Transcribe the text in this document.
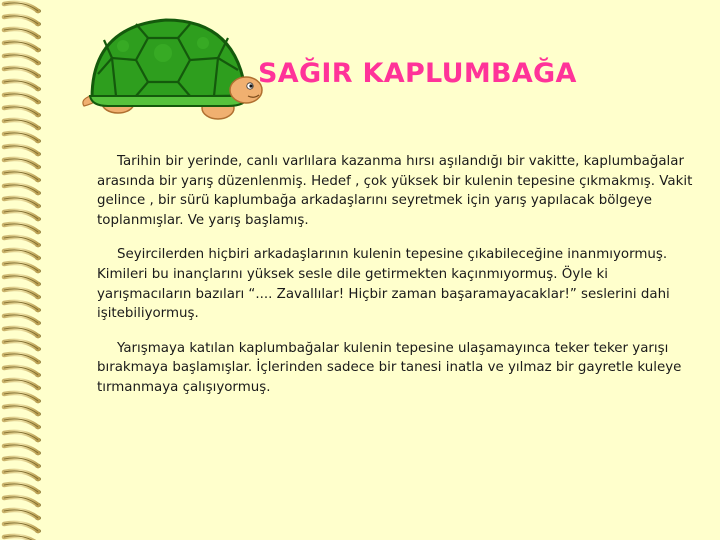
SAĞIR KAPLUMBAĞA

Tarihin bir yerinde, canlı varlılara kazanma hırsı aşılandığı bir vakitte, kaplumbağalar arasında bir yarış düzenlenmiş. Hedef , çok yüksek bir kulenin tepesine çıkmakmış. Vakit gelince , bir sürü kaplumbağa arkadaşlarını seyretmek için yarış yapılacak bölgeye toplanmışlar. Ve yarış başlamış.

Seyircilerden hiçbiri arkadaşlarının kulenin tepesine çıkabileceğine inanmıyormuş. Kimileri bu inançlarını yüksek sesle dile getirmekten kaçınmıyormuş. Öyle ki yarışmacıların bazıları “.... Zavallılar! Hiçbir zaman başaramayacaklar!” seslerini dahi işitebiliyormuş.

Yarışmaya katılan kaplumbağalar kulenin tepesine ulaşamayınca teker teker yarışı bırakmaya başlamışlar. İçlerinden sadece bir tanesi inatla ve yılmaz bir gayretle kuleye tırmanmaya çalışıyormuş.
